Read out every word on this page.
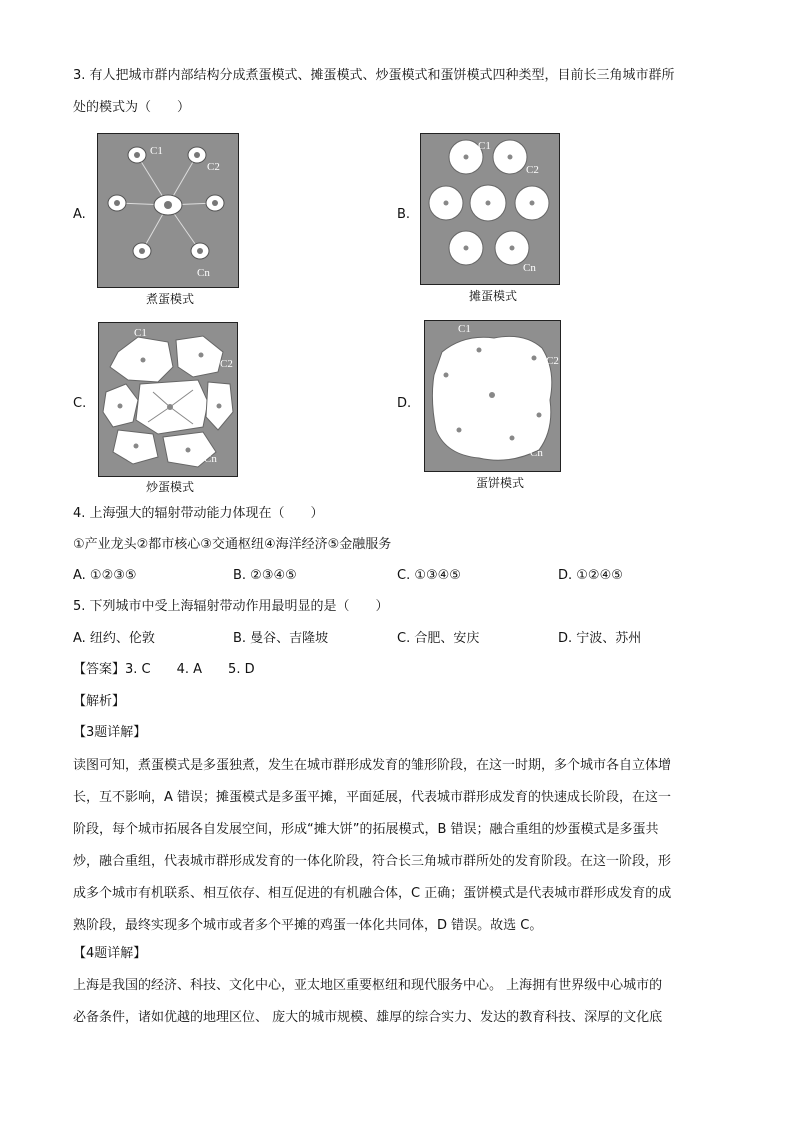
3. 有人把城市群内部结构分成煮蛋模式、摊蛋模式、炒蛋模式和蛋饼模式四种类型，目前长三角城市群所
处的模式为（　　）
A.
C1
C2
Cn
煮蛋模式
B.
C1
C2
Cn
摊蛋模式
C.
C1
C2
Cn
炒蛋模式
D.
C1
C2
Cn
蛋饼模式
4. 上海强大的辐射带动能力体现在（　　）
①产业龙头②都市核心③交通枢纽④海洋经济⑤金融服务
A. ①②③⑤	B. ②③④⑤	C. ①③④⑤	D. ①②④⑤
5. 下列城市中受上海辐射带动作用最明显的是（　　）
A. 纽约、伦敦	B. 曼谷、吉隆坡	C. 合肥、安庆	D. 宁波、苏州
【答案】3. C　　4. A　　5. D
【解析】
【3题详解】
读图可知，煮蛋模式是多蛋独煮，发生在城市群形成发育的雏形阶段，在这一时期，多个城市各自立体增
长，互不影响，A 错误；摊蛋模式是多蛋平摊，平面延展，代表城市群形成发育的快速成长阶段，在这一
阶段，每个城市拓展各自发展空间，形成“摊大饼”的拓展模式，B 错误；融合重组的炒蛋模式是多蛋共
炒，融合重组，代表城市群形成发育的一体化阶段，符合长三角城市群所处的发育阶段。在这一阶段，形
成多个城市有机联系、相互依存、相互促进的有机融合体，C 正确；蛋饼模式是代表城市群形成发育的成
熟阶段，最终实现多个城市或者多个平摊的鸡蛋一体化共同体，D 错误。故选 C。
【4题详解】
上海是我国的经济、科技、文化中心，亚太地区重要枢纽和现代服务中心。 上海拥有世界级中心城市的
必备条件，诸如优越的地理区位、 庞大的城市规模、雄厚的综合实力、发达的教育科技、深厚的文化底
